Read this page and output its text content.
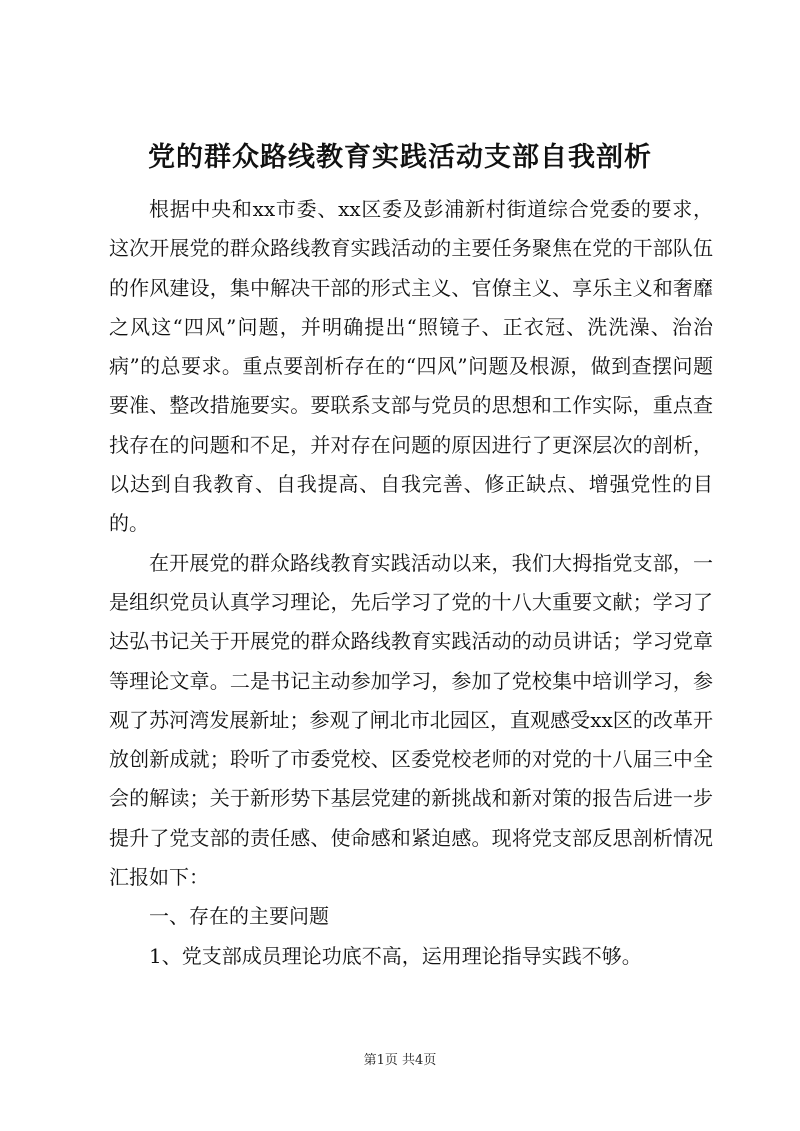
党的群众路线教育实践活动支部自我剖析

根据中央和xx市委、xx区委及彭浦新村街道综合党委的要求，这次开展党的群众路线教育实践活动的主要任务聚焦在党的干部队伍的作风建设，集中解决干部的形式主义、官僚主义、享乐主义和奢靡之风这“四风”问题，并明确提出“照镜子、正衣冠、洗洗澡、治治病”的总要求。重点要剖析存在的“四风”问题及根源，做到查摆问题要准、整改措施要实。要联系支部与党员的思想和工作实际，重点查找存在的问题和不足，并对存在问题的原因进行了更深层次的剖析，以达到自我教育、自我提高、自我完善、修正缺点、增强党性的目的。

在开展党的群众路线教育实践活动以来，我们大拇指党支部，一是组织党员认真学习理论，先后学习了党的十八大重要文献；学习了达弘书记关于开展党的群众路线教育实践活动的动员讲话；学习党章等理论文章。二是书记主动参加学习，参加了党校集中培训学习，参观了苏河湾发展新址；参观了闸北市北园区，直观感受xx区的改革开放创新成就；聆听了市委党校、区委党校老师的对党的十八届三中全会的解读；关于新形势下基层党建的新挑战和新对策的报告后进一步提升了党支部的责任感、使命感和紧迫感。现将党支部反思剖析情况汇报如下：

一、存在的主要问题

1、党支部成员理论功底不高，运用理论指导实践不够。

第1页 共4页
